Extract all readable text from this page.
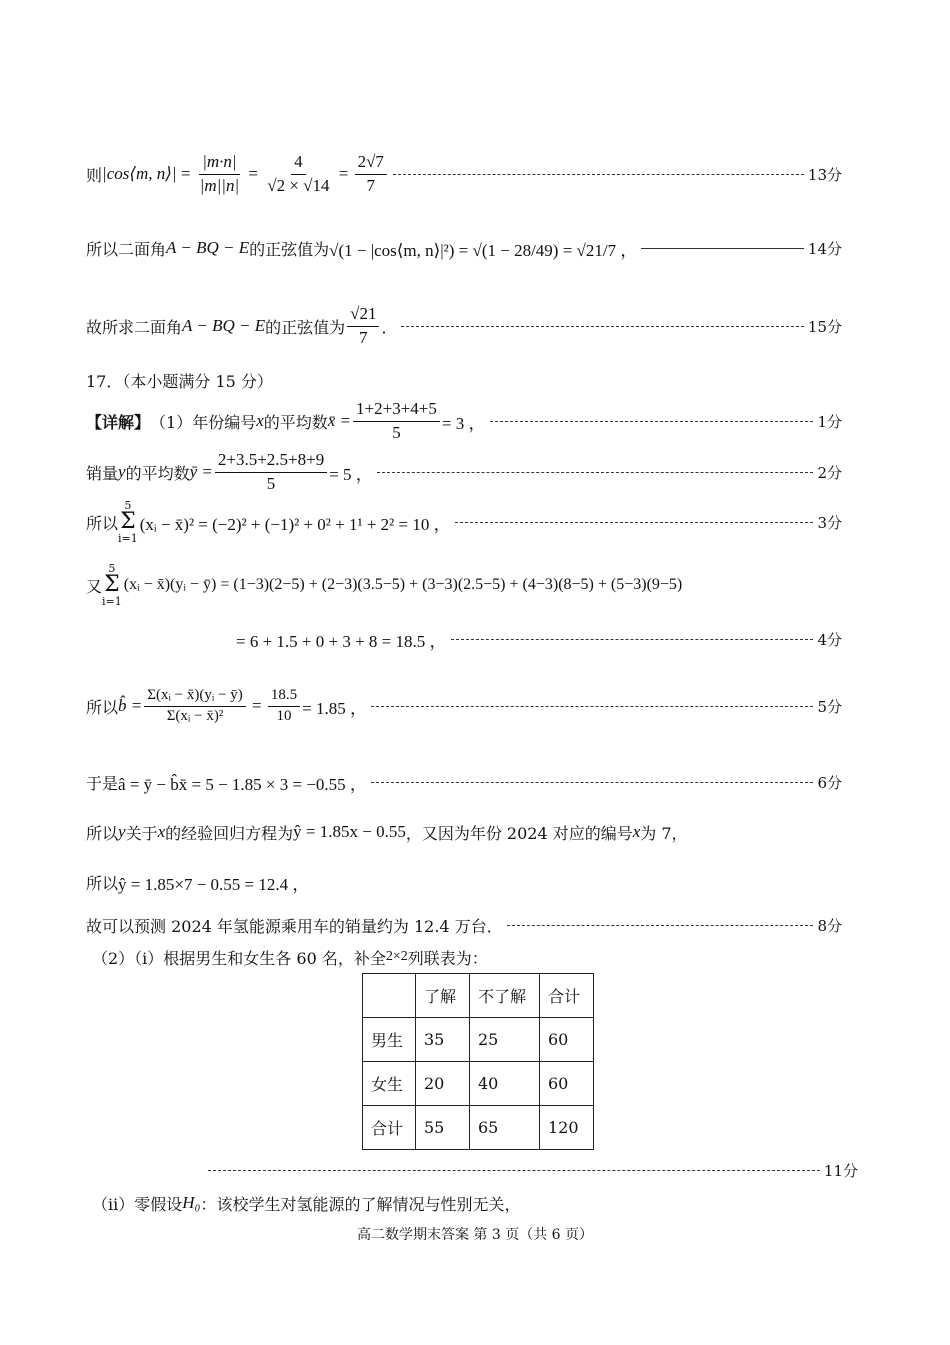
则 |cos⟨m, n⟩| = $\frac{|m\cdot n|}{|m||n|} = \frac{4}{√2 \times √14} = \frac{2√7}{7}$	13分
所以二面角 A − BQ − E 的正弦值为 √(1 − |cos⟨m, n⟩|²) = √(1 − 28/49) = √21/7 ，	14分
故所求二面角 A − BQ − E 的正弦值为 $\frac{√21}{7}$ ．	15分
17．（本小题满分 15 分）
【详解】 （1）年份编号 x 的平均数 x̄ = $\frac{1+2+3+4+5}{5} = 3$ ，	1分
销量 y 的平均数 ȳ = $\frac{2+3.5+2.5+8+9}{5} = 5$ ，	2分
所以
5
Σ
i=1
(xᵢ − x̄)² = (−2)² + (−1)² + 0² + 1¹ + 2² = 10 ，	3分
又
5
Σ
i=1
(xᵢ − x̄)(yᵢ − ȳ) = (1−3)(2−5) + (2−3)(3.5−5) + (3−3)(2.5−5) + (4−3)(8−5) + (5−3)(9−5)
= 6 + 1.5 + 0 + 3 + 8 = 18.5 ，	4分
所以 b̂ = $\frac{\text{Σ(xᵢ − x̄)(yᵢ − ȳ)}}{\text{Σ(xᵢ − x̄)²}} = \frac{18.5}{10} = 1.85$ ，	5分
于是 â = ȳ − b̂x̄ = 5 − 1.85 × 3 = −0.55 ，	6分
所以 y 关于 x 的经验回归方程为 ŷ = 1.85x − 0.55 ，又因为年份 2024 对应的编号 x 为 7，
所以 ŷ = 1.85×7 − 0.55 = 12.4 ，
故可以预测 2024 年氢能源乘用车的销量约为 12.4 万台．	8分
（2）（i）根据男生和女生各 60 名，补全 2×2 列联表为：
	了解	不了解	合计
男生	35	25	60
女生	20	40	60
合计	55	65	120
11分
（ii）零假设 H₀ ：该校学生对氢能源的了解情况与性别无关，
高二数学期末答案 第 3 页（共 6 页）
